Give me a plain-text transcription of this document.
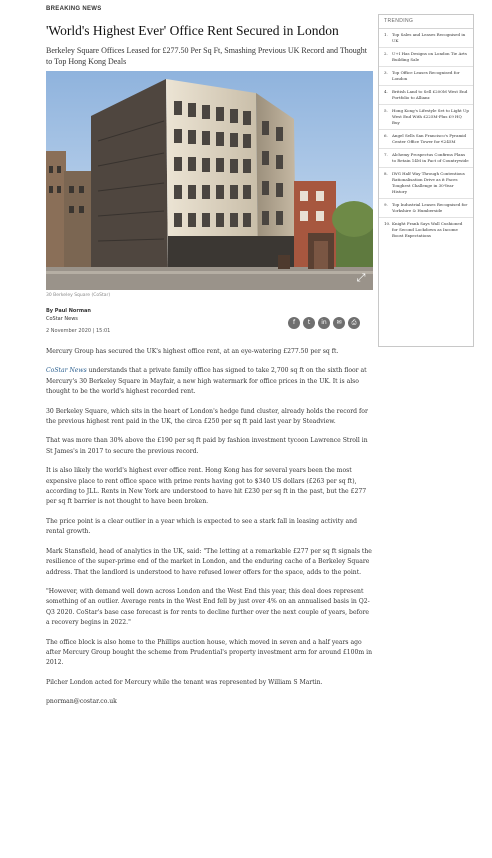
BREAKING NEWS
'World's Highest Ever' Office Rent Secured in London
Berkeley Square Offices Leased for £277.50 Per Sq Ft, Smashing Previous UK Record and Thought to Top Hong Kong Deals
⤢
30 Berkeley Square (CoStar)
By Paul Norman
CoStar News
2 November 2020 | 15:01
f	t	in	✉	⎙

Mercury Group has secured the UK's highest office rent, at an eye-watering £277.50 per sq ft.

CoStar News understands that a private family office has signed to take 2,700 sq ft on the sixth floor at Mercury's 30 Berkeley Square in Mayfair, a new high watermark for office prices in the UK. It is also thought to be the world's highest recorded rent.

30 Berkeley Square, which sits in the heart of London's hedge fund cluster, already holds the record for the previous highest rent paid in the UK, the circa £250 per sq ft paid last year by Steadview.

That was more than 30% above the £190 per sq ft paid by fashion investment tycoon Lawrence Stroll in St James's in 2017 to secure the previous record.

It is also likely the world's highest ever office rent. Hong Kong has for several years been the most expensive place to rent office space with prime rents having got to $340 US dollars (£263 per sq ft), according to JLL. Rents in New York are understood to have hit £230 per sq ft in the past, but the £277 per sq ft barrier is not thought to have been broken.

The price point is a clear outlier in a year which is expected to see a stark fall in leasing activity and rental growth.

Mark Stansfield, head of analytics in the UK, said: "The letting at a remarkable £277 per sq ft signals the resilience of the super-prime end of the market in London, and the enduring cache of a Berkeley Square address. That the landlord is understood to have refused lower offers for the space, adds to the point.

"However, with demand well down across London and the West End this year, this deal does represent something of an outlier. Average rents in the West End fell by just over 4% on an annualised basis in Q2-Q3 2020. CoStar's base case forecast is for rents to decline further over the next couple of years, before a recovery begins in 2022."

The office block is also home to the Phillips auction house, which moved in seven and a half years ago after Mercury Group bought the scheme from Prudential's property investment arm for around £100m in 2012.

Pilcher London acted for Mercury while the tenant was represented by William S Martin.

pnorman@costar.co.uk

TRENDING
1.	Top Sales and Leases Recognised in UK
2.	U+I Has Designs on London Tie Arts Building Sale
3.	Top Office Leases Recognised for London
4.	British Land to Sell £200M West End Portfolio to Allianz
5.	Hong Kong's Lifestyle Set to Light Up West End With £225M-Plus £9 HQ Buy
6.	Angel Sells San Francisco's Pyramid Center Office Tower for €245M
7.	Alchemy Prospectus Confirms Plans to Retain 14M in Fact of Countrywide
8.	IWG Half Way Through Contentious Rationalisation Drive as it Faces Toughest Challenge in 30-Year History
9.	Top Industrial Leases Recognised for Yorkshire & Humberside
10. Knight Frank Says Wall Cushioned for Second Lockdown as Income Boost Expectations
